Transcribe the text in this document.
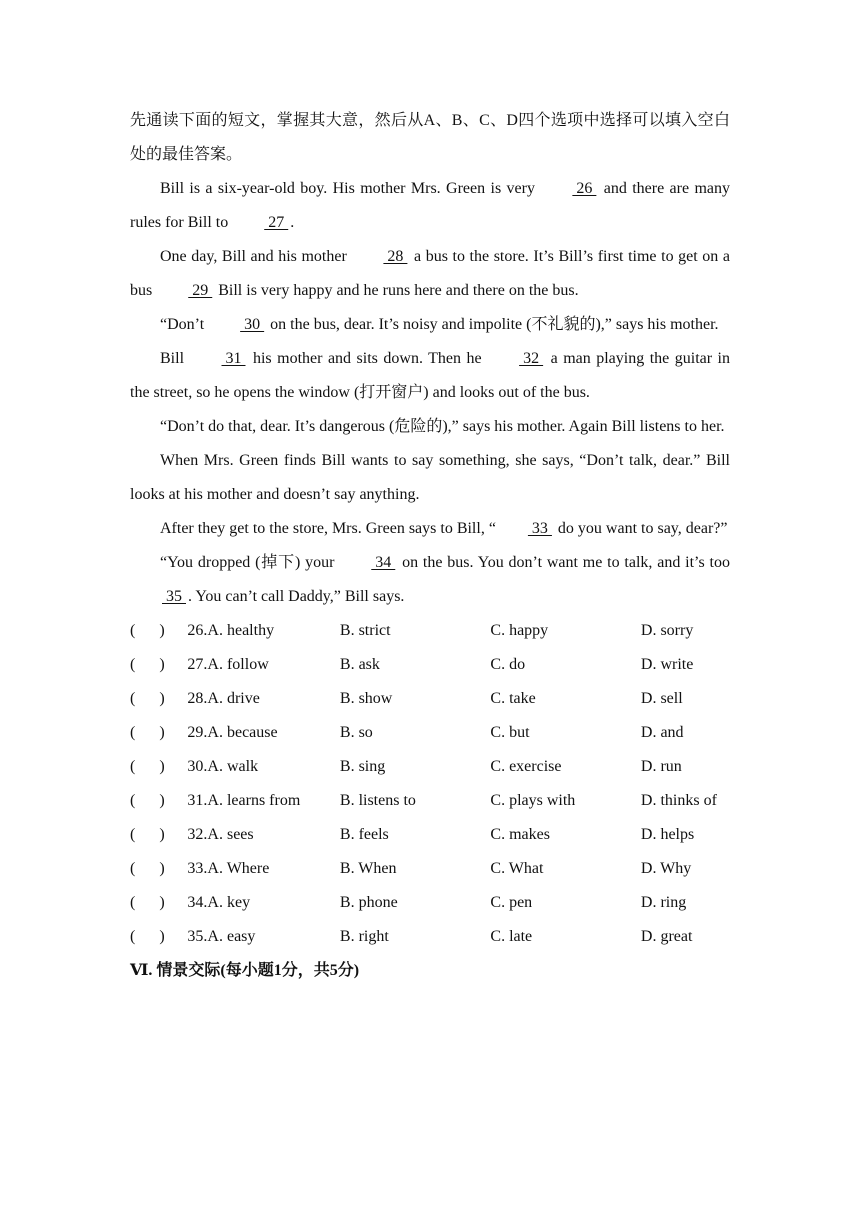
先通读下面的短文，掌握其大意，然后从A、B、C、D四个选项中选择可以填入空白处的最佳答案。
Bill is a six-year-old boy. His mother Mrs. Green is very  26  and there are many rules for Bill to  27 .
One day, Bill and his mother  28  a bus to the store. It’s Bill’s first time to get on a bus  29  Bill is very happy and he runs here and there on the bus.
“Don’t  30  on the bus, dear. It’s noisy and impolite (不礼貌的),” says his mother.
Bill  31  his mother and sits down. Then he  32  a man playing the guitar in the street, so he opens the window (打开窗户) and looks out of the bus.
“Don’t do that, dear. It’s dangerous (危险的),” says his mother. Again Bill listens to her.
When Mrs. Green finds Bill wants to say something, she says, “Don’t talk, dear.” Bill looks at his mother and doesn’t say anything.
After they get to the store, Mrs. Green says to Bill, “ 33  do you want to say, dear?”
“You dropped (掉下) your  34  on the bus. You don’t want me to talk, and it’s too  35 . You can’t call Daddy,” Bill says.
(      )	26.A. healthy	B. strict	C. happy	D. sorry
(      )	27.A. follow	B. ask	C. do	D. write
(      )	28.A. drive	B. show	C. take	D. sell
(      )	29.A. because	B. so	C. but	D. and
(      )	30.A. walk	B. sing	C. exercise	D. run
(      )	31.A. learns from	B. listens to	C. plays with	D. thinks of
(      )	32.A. sees	B. feels	C. makes	D. helps
(      )	33.A. Where	B. When	C. What	D. Why
(      )	34.A. key	B. phone	C. pen	D. ring
(      )	35.A. easy	B. right	C. late	D. great
Ⅵ. 情景交际(每小题1分，共5分)
